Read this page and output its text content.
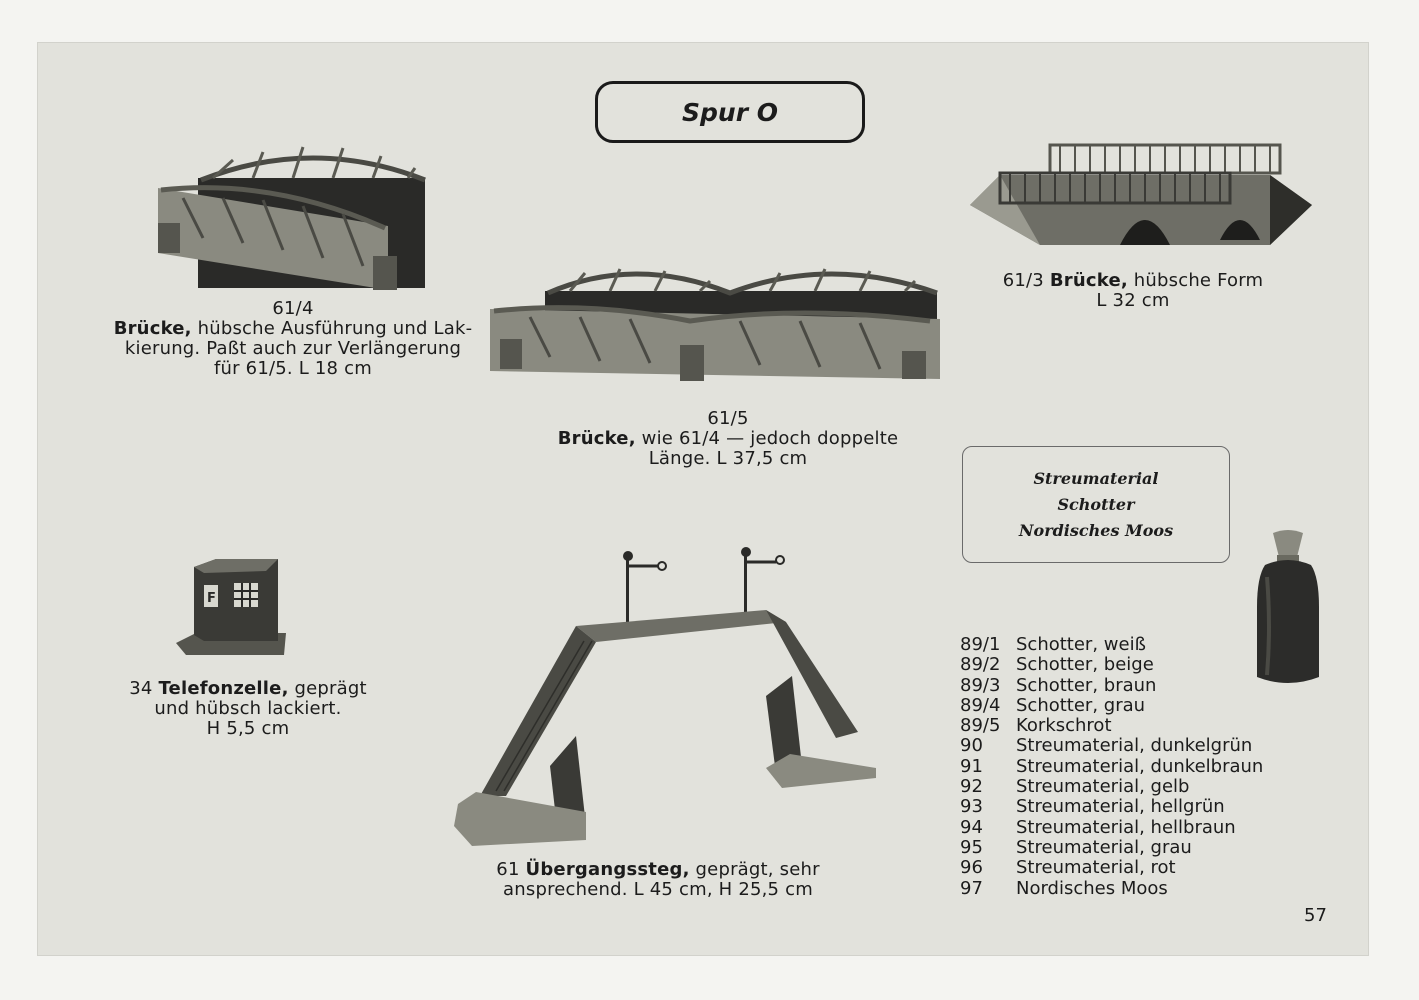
Spur O
61/4
Brücke, hübsche Ausführung und Lak-
kierung. Paßt auch zur Verlängerung
für 61/5. L 18 cm
61/5
Brücke, wie 61/4 — jedoch doppelte
Länge. L 37,5 cm
61/3 Brücke, hübsche Form
L 32 cm
Streumaterial
Schotter
Nordisches Moos
F
34 Telefonzelle, geprägt
und hübsch lackiert.
H 5,5 cm
61 Übergangssteg, geprägt, sehr
ansprechend. L 45 cm, H 25,5 cm
89/1 Schotter, weiß
89/2 Schotter, beige
89/3 Schotter, braun
89/4 Schotter, grau
89/5 Korkschrot
90	Streumaterial, dunkelgrün
91	Streumaterial, dunkelbraun
92	Streumaterial, gelb
93	Streumaterial, hellgrün
94	Streumaterial, hellbraun
95	Streumaterial, grau
96	Streumaterial, rot
97	Nordisches Moos
57
